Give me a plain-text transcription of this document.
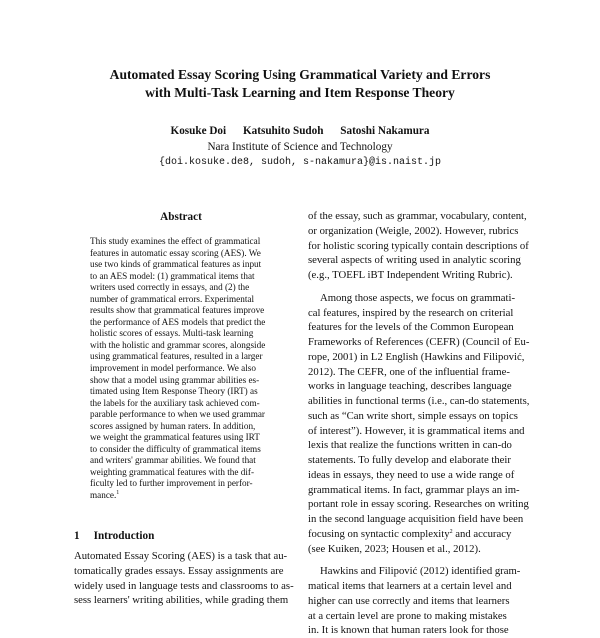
Automated Essay Scoring Using Grammatical Variety and Errors
with Multi-Task Learning and Item Response Theory
Kosuke Doi Katsuhito Sudoh Satoshi Nakamura
Nara Institute of Science and Technology
{doi.kosuke.de8, sudoh, s-nakamura}@is.naist.jp
Abstract
This study examines the effect of grammatical
features in automatic essay scoring (AES). We
use two kinds of grammatical features as input
to an AES model: (1) grammatical items that
writers used correctly in essays, and (2) the
number of grammatical errors. Experimental
results show that grammatical features improve
the performance of AES models that predict the
holistic scores of essays. Multi-task learning
with the holistic and grammar scores, alongside
using grammatical features, resulted in a larger
improvement in model performance. We also
show that a model using grammar abilities es-
timated using Item Response Theory (IRT) as
the labels for the auxiliary task achieved com-
parable performance to when we used grammar
scores assigned by human raters. In addition,
we weight the grammatical features using IRT
to consider the difficulty of grammatical items
and writers' grammar abilities. We found that
weighting grammatical features with the dif-
ficulty led to further improvement in perfor-
mance.$^1$
1 Introduction
Automated Essay Scoring (AES) is a task that au-
tomatically grades essays. Essay assignments are
widely used in language tests and classrooms to as-
sess learners' writing abilities, while grading them
of the essay, such as grammar, vocabulary, content,
or organization (Weigle, 2002). However, rubrics
for holistic scoring typically contain descriptions of
several aspects of writing used in analytic scoring
(e.g., TOEFL iBT Independent Writing Rubric).
Among those aspects, we focus on grammati-
cal features, inspired by the research on criterial
features for the levels of the Common European
Frameworks of References (CEFR) (Council of Eu-
rope, 2001) in L2 English (Hawkins and Filipović,
2012). The CEFR, one of the influential frame-
works in language teaching, describes language
abilities in functional terms (i.e., can-do statements,
such as “Can write short, simple essays on topics
of interest”). However, it is grammatical items and
lexis that realize the functions written in can-do
statements. To fully develop and elaborate their
ideas in essays, they need to use a wide range of
grammatical items. In fact, grammar plays an im-
portant role in essay scoring. Researches on writing
in the second language acquisition field have been
focusing on syntactic complexity$^2$ and accuracy
(see Kuiken, 2023; Housen et al., 2012).
Hawkins and Filipović (2012) identified gram-
matical items that learners at a certain level and
higher can use correctly and items that learners
at a certain level are prone to making mistakes
in. It is known that human raters look for those
